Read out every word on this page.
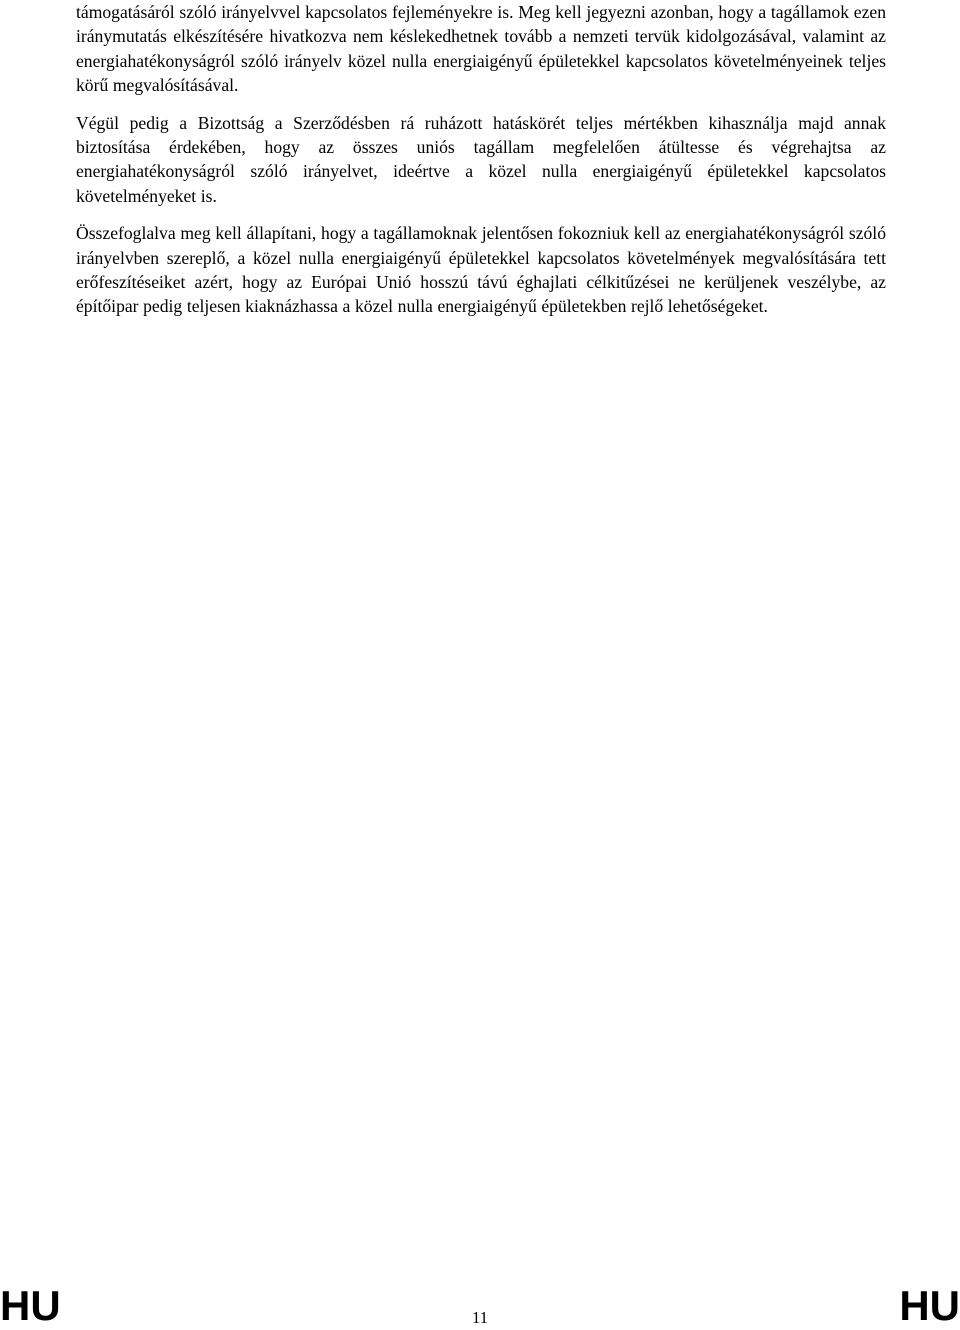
támogatásáról szóló irányelvvel kapcsolatos fejleményekre is. Meg kell jegyezni azonban, hogy a tagállamok ezen iránymutatás elkészítésére hivatkozva nem késlekedhetnek tovább a nemzeti tervük kidolgozásával, valamint az energiahatékonyságról szóló irányelv közel nulla energiaigényű épületekkel kapcsolatos követelményeinek teljes körű megvalósításával.

Végül pedig a Bizottság a Szerződésben rá ruházott hatáskörét teljes mértékben kihasználja majd annak biztosítása érdekében, hogy az összes uniós tagállam megfelelően átültesse és végrehajtsa az energiahatékonyságról szóló irányelvet, ideértve a közel nulla energiaigényű épületekkel kapcsolatos követelményeket is.

Összefoglalva meg kell állapítani, hogy a tagállamoknak jelentősen fokozniuk kell az energiahatékonyságról szóló irányelvben szereplő, a közel nulla energiaigényű épületekkel kapcsolatos követelmények megvalósítására tett erőfeszítéseiket azért, hogy az Európai Unió hosszú távú éghajlati célkitűzései ne kerüljenek veszélybe, az építőipar pedig teljesen kiaknázhassa a közel nulla energiaigényű épületekben rejlő lehetőségeket.

HU	11	HU
